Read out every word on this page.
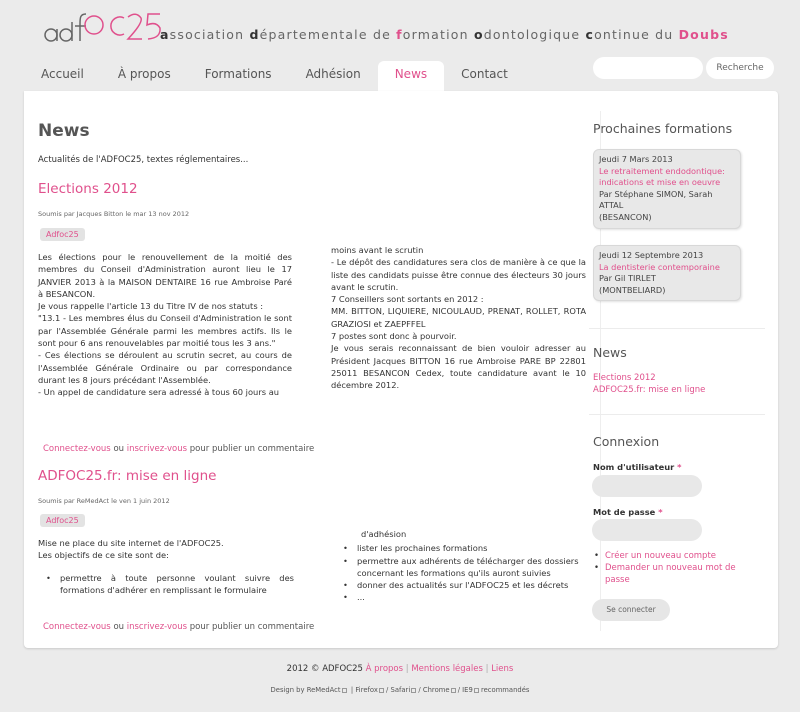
association départementale de formation odontologique continue du Doubs
Accueil	À propos	Formations	Adhésion	News	Contact	Recherche
News
Actualités de l'ADFOC25, textes réglementaires...
Elections 2012
Soumis par Jacques Bitton le mar 13 nov 2012
Adfoc25

Les élections pour le renouvellement de la moitié des membres du Conseil d'Administration auront lieu le 17 JANVIER 2013 à la MAISON DENTAIRE 16 rue Ambroise Paré à BESANCON.

Je vous rappelle l'article 13 du Titre IV de nos statuts :

"13.1 - Les membres élus du Conseil d'Administration le sont par l'Assemblée Générale parmi les membres actifs. Ils le sont pour 6 ans renouvelables par moitié tous les 3 ans."

- Ces élections se déroulent au scrutin secret, au cours de l'Assemblée Générale Ordinaire ou par correspondance durant les 8 jours précédant l'Assemblée.

- Un appel de candidature sera adressé à tous 60 jours au

moins avant le scrutin

- Le dépôt des candidatures sera clos de manière à ce que la liste des candidats puisse être connue des électeurs 30 jours avant le scrutin.

7 Conseillers sont sortants en 2012 :

MM. BITTON, LIQUIERE, NICOULAUD, PRENAT, ROLLET, ROTA GRAZIOSI et ZAEPFFEL

7 postes sont donc à pourvoir.

Je vous serais reconnaissant de bien vouloir adresser au Président Jacques BITTON 16 rue Ambroise PARE BP 22801 25011 BESANCON Cedex, toute candidature avant le 10 décembre 2012.

Connectez-vous ou inscrivez-vous pour publier un commentaire
ADFOC25.fr: mise en ligne
Soumis par ReMedAct le ven 1 juin 2012
Adfoc25

Mise ne place du site internet de l'ADFOC25.

Les objectifs de ce site sont de:

• permettre à toute personne voulant suivre des formations d'adhérer en remplissant le formulaire

d'adhésion

• lister les prochaines formations
• permettre aux adhérents de télécharger des dossiers concernant les formations qu'ils auront suivies
• donner des actualités sur l'ADFOC25 et les décrets
• ...
Connectez-vous ou inscrivez-vous pour publier un commentaire
Prochaines formations
Jeudi 7 Mars 2013
Le retraitement endodontique: indications et mise en oeuvre
Par Stéphane SIMON, Sarah ATTAL
(BESANCON)
Jeudi 12 Septembre 2013
La dentisterie contemporaine
Par Gil TIRLET
(MONTBELIARD)
News
Elections 2012
ADFOC25.fr: mise en ligne
Connexion
Nom d'utilisateur *
Mot de passe *
• Créer un nouveau compte
• Demander un nouveau mot de passe
Se connecter
2012 © ADFOC25 À propos | Mentions légales | Liens
Design by ReMedAct | Firefox / Safari / Chrome / IE9 recommandés
